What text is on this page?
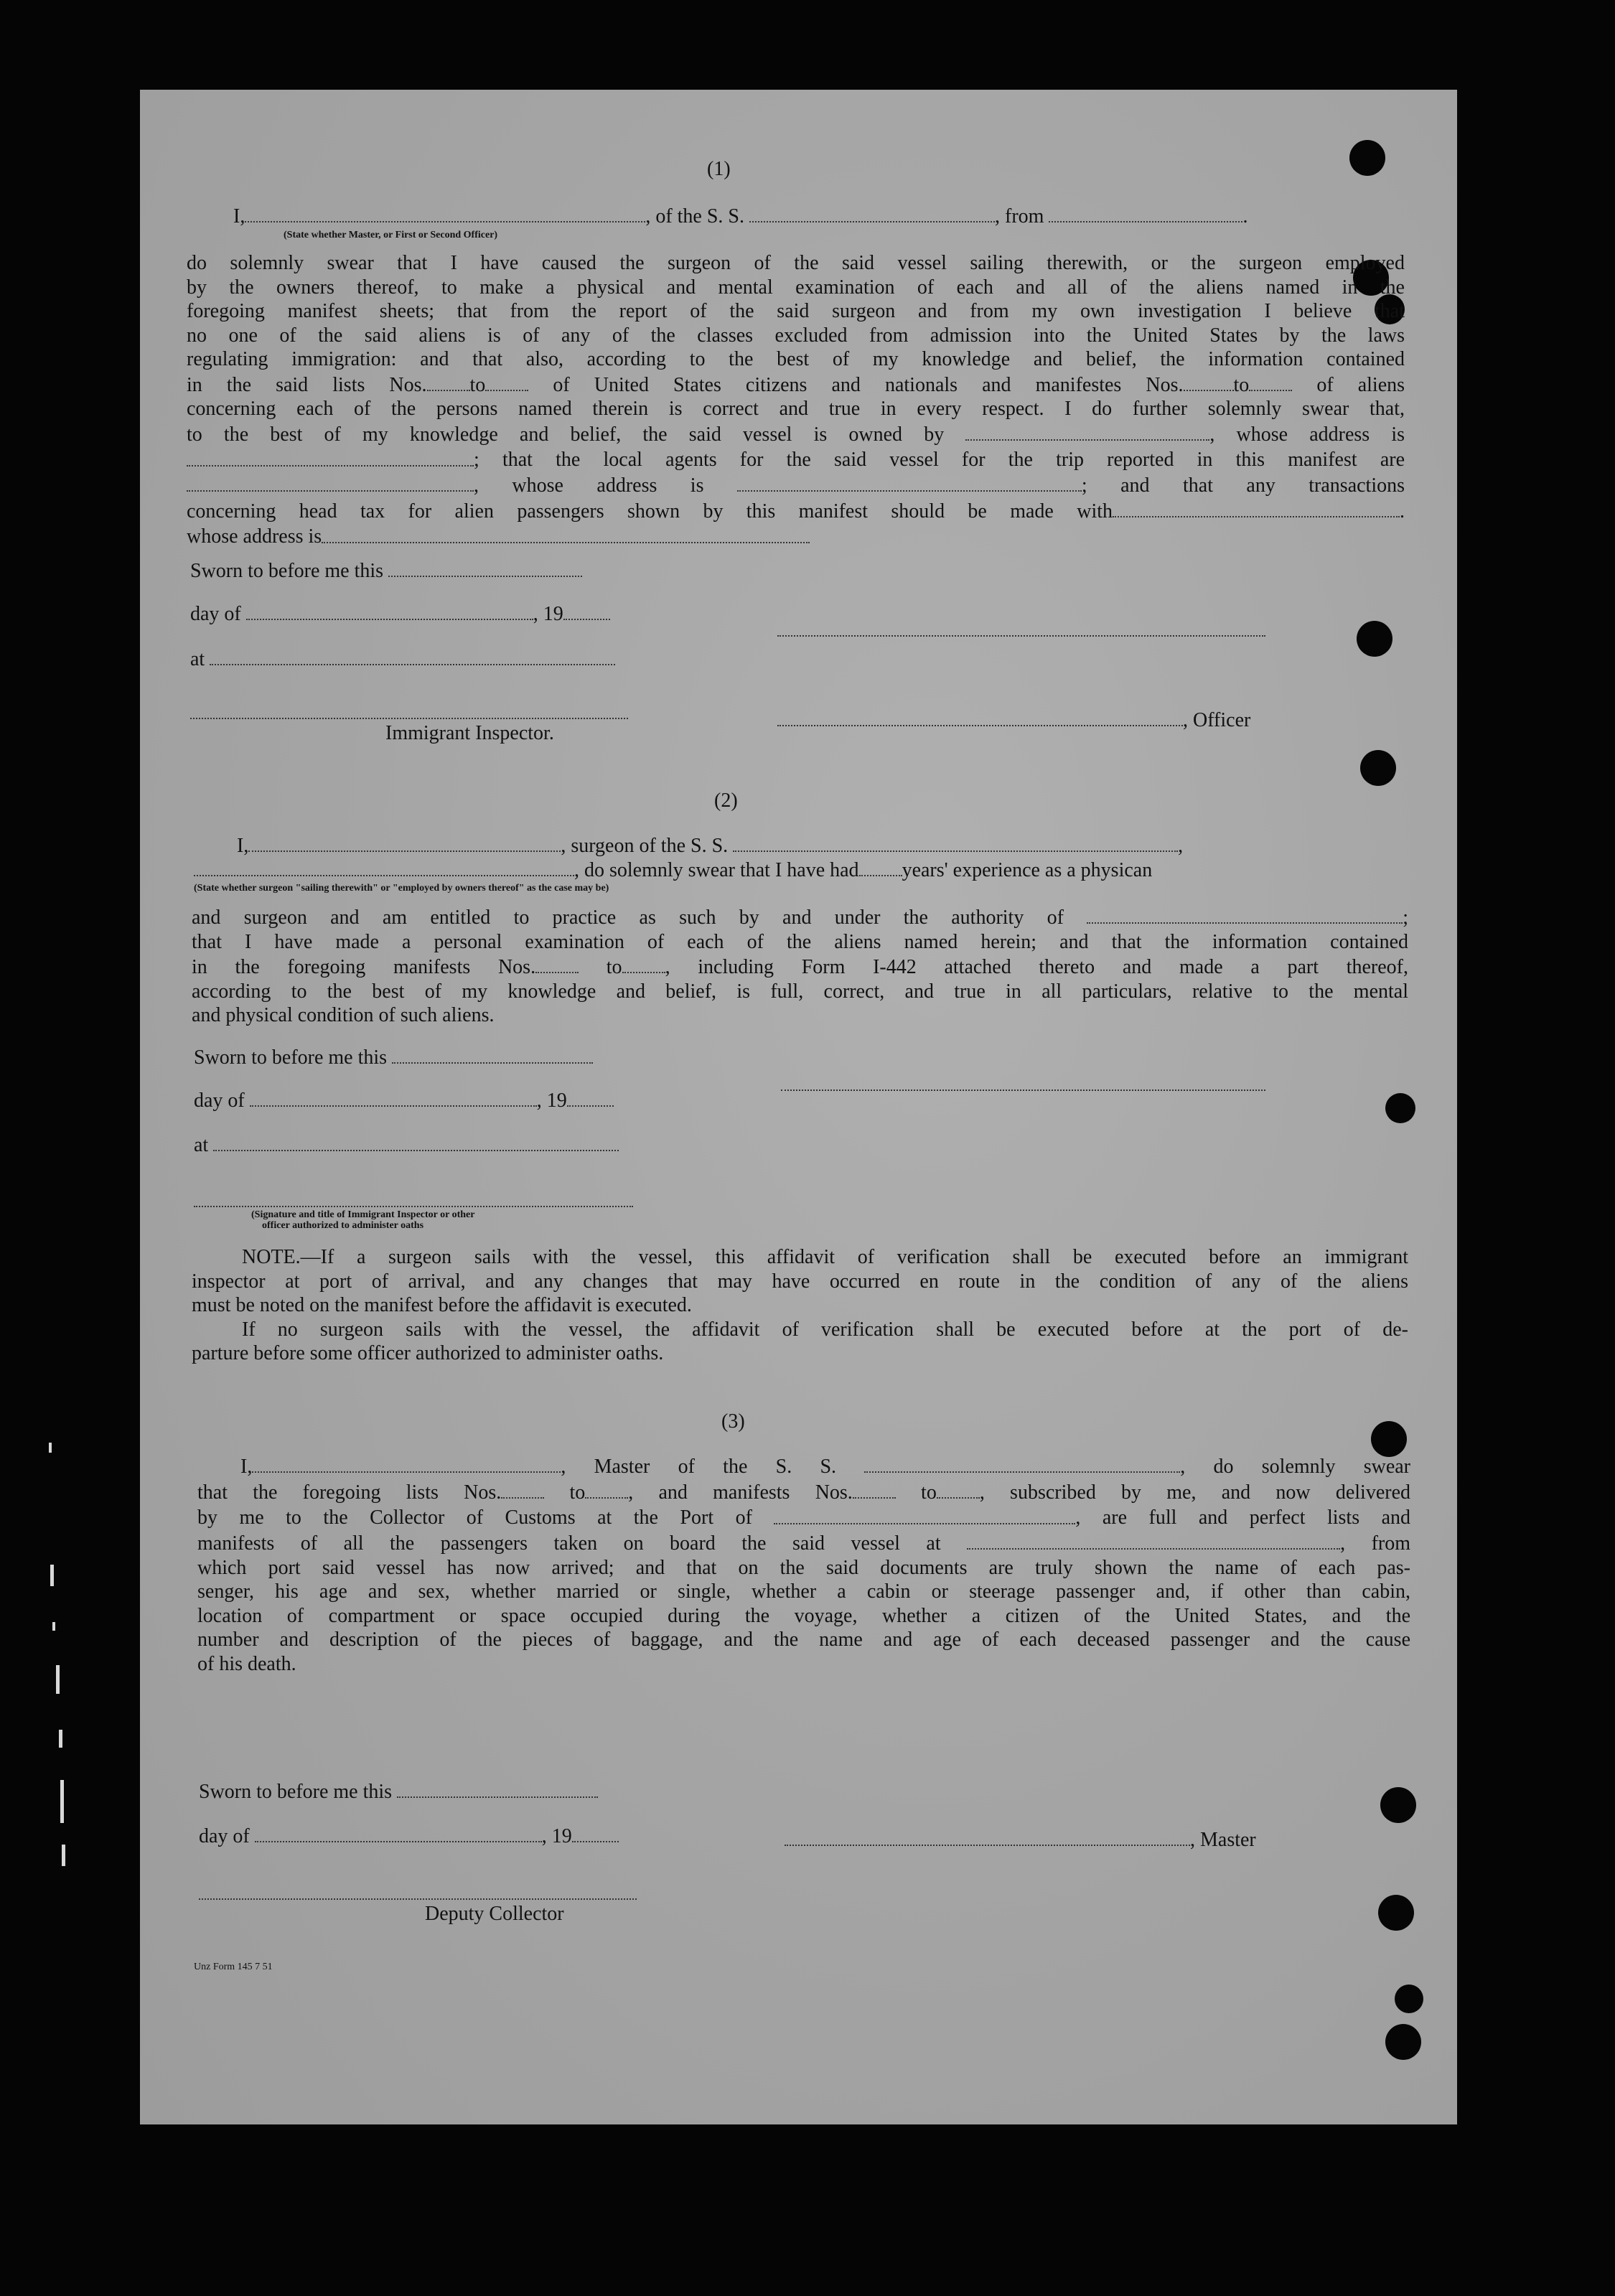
(1)
I,	, of the S. S.	, from	.
(State whether Master, or First or Second Officer)
do solemnly swear that I have caused the surgeon of the said vessel sailing therewith, or the surgeon employed
by the owners thereof, to make a physical and mental examination of each and all of the aliens named in the
foregoing manifest sheets; that from the report of the said surgeon and from my own investigation I believe that
no one of the said aliens is of any of the classes excluded from admission into the United States by the laws
regulating immigration: and that also, according to the best of my knowledge and belief, the information contained
in the said lists Nos. to	of United States citizens and nationals and manifestes Nos.	to	of aliens
concerning each of the persons named therein is correct and true in every respect. I do further solemnly swear that,
to the best of my knowledge and belief, the said vessel is owned by	, whose address is
; that the local agents for the said vessel for the trip reported in this manifest are
, whose address is	; and that any transactions
concerning head tax for alien passengers shown by this manifest should be made with	.
whose address is
Sworn to before me this
day of	, 19
at
, Officer
Immigrant Inspector.
(2)
I,	, surgeon of the S. S.	,
, do solemnly swear that I have had years' experience as a physican
(State whether surgeon "sailing therewith" or "employed by owners thereof" as the case may be)
and surgeon and am entitled to practice as such by and under the authority of	;
that I have made a personal examination of each of the aliens named herein; and that the information contained
in the foregoing manifests Nos.	to , including Form I-442 attached thereto and made a part thereof,
according to the best of my knowledge and belief, is full, correct, and true in all particulars, relative to the mental
and physical condition of such aliens.
Sworn to before me this
day of	, 19
at
(Signature and title of Immigrant Inspector or other
officer authorized to administer oaths
NOTE.—If a surgeon sails with the vessel, this affidavit of verification shall be executed before an immigrant
inspector at port of arrival, and any changes that may have occurred en route in the condition of any of the aliens
must be noted on the manifest before the affidavit is executed.
If no surgeon sails with the vessel, the affidavit of verification shall be executed before at the port of de-
parture before some officer authorized to administer oaths.
(3)
I,	, Master of the S. S.	, do solemnly swear
that the foregoing lists Nos.	to , and manifests Nos.	to , subscribed by me, and now delivered
by me to the Collector of Customs at the Port of	, are full and perfect lists and
manifests of all the passengers taken on board the said vessel at	, from
which port said vessel has now arrived; and that on the said documents are truly shown the name of each pas-
senger, his age and sex, whether married or single, whether a cabin or steerage passenger and, if other than cabin,
location of compartment or space occupied during the voyage, whether a citizen of the United States, and the
number and description of the pieces of baggage, and the name and age of each deceased passenger and the cause
of his death.
Sworn to before me this
day of	, 19	, Master
Deputy Collector
Unz Form 145 7 51
